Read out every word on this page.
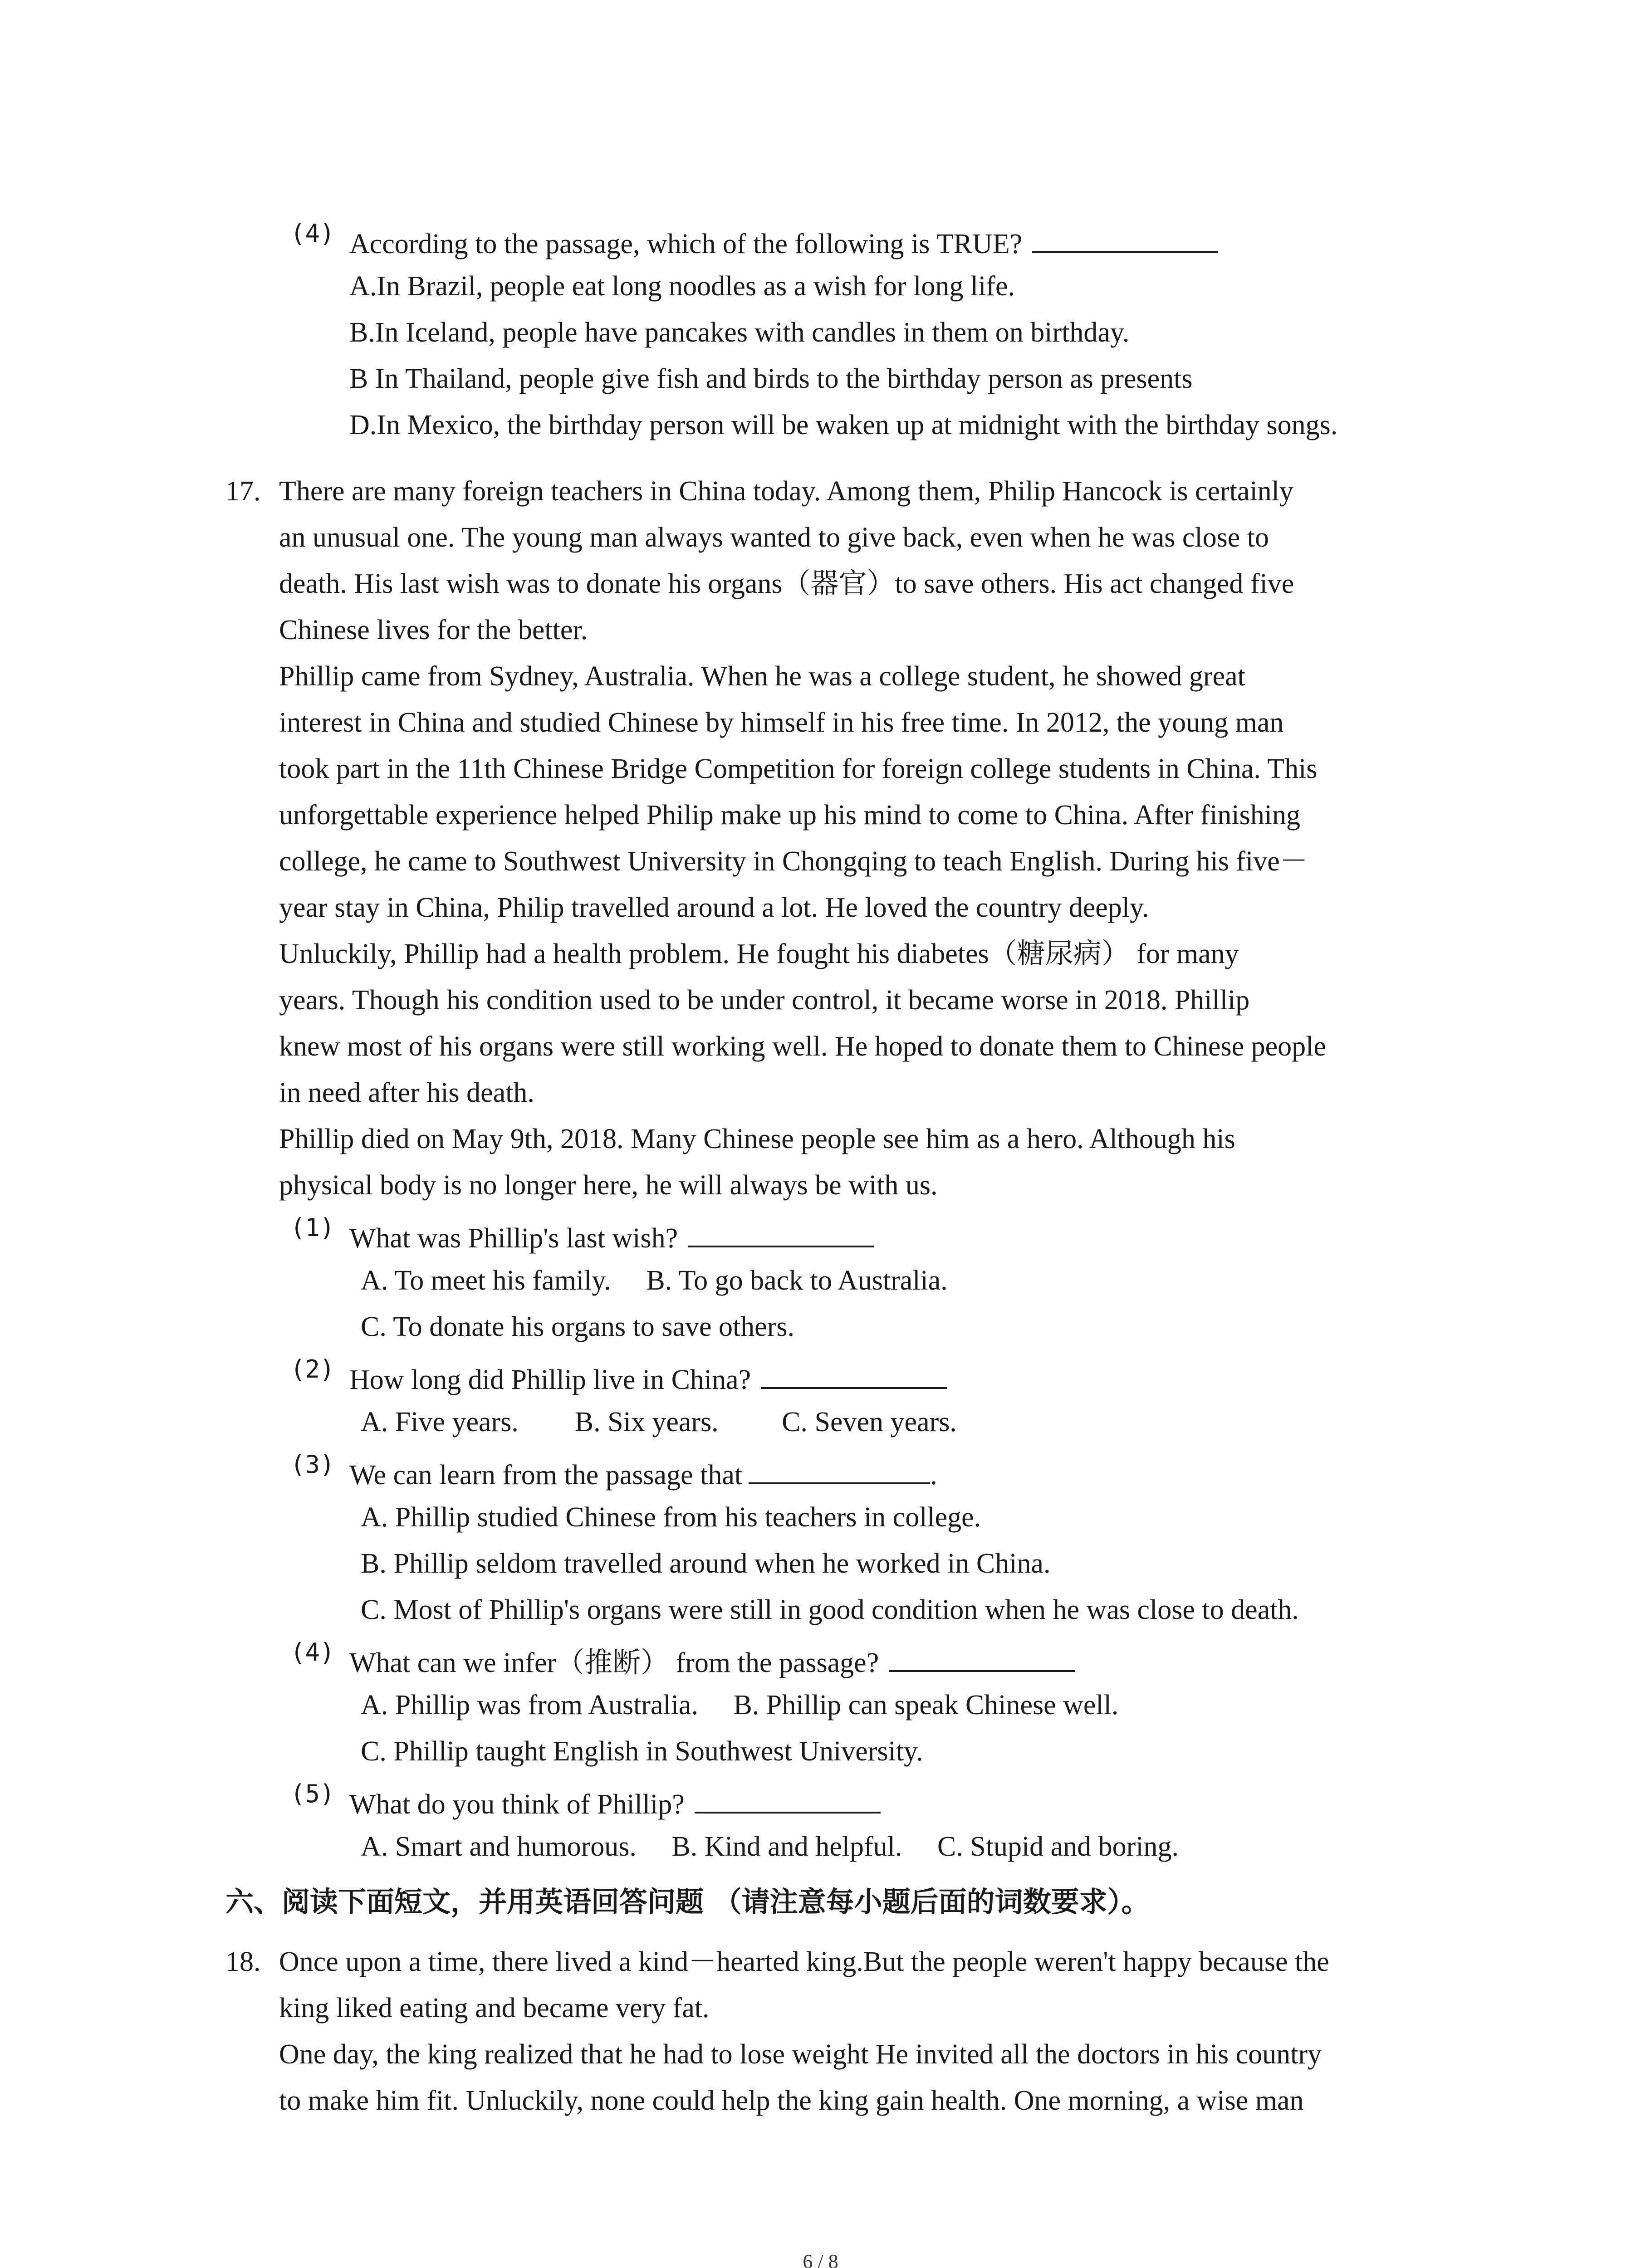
(4) According to the passage, which of the following is TRUE?
A.In Brazil, people eat long noodles as a wish for long life.
B.In Iceland, people have pancakes with candles in them on birthday.
B In Thailand, people give fish and birds to the birthday person as presents
D.In Mexico, the birthday person will be waken up at midnight with the birthday songs.
17. There are many foreign teachers in China today. Among them, Philip Hancock is certainly
an unusual one. The young man always wanted to give back, even when he was close to
death. His last wish was to donate his organs（器官）to save others. His act changed five
Chinese lives for the better.
Phillip came from Sydney, Australia. When he was a college student, he showed great
interest in China and studied Chinese by himself in his free time. In 2012, the young man
took part in the 11th Chinese Bridge Competition for foreign college students in China. This
unforgettable experience helped Philip make up his mind to come to China. After finishing
college, he came to Southwest University in Chongqing to teach English. During his five－
year stay in China, Philip travelled around a lot. He loved the country deeply.
Unluckily, Phillip had a health problem. He fought his diabetes（糖尿病） for many
years. Though his condition used to be under control, it became worse in 2018. Phillip
knew most of his organs were still working well. He hoped to donate them to Chinese people
in need after his death.
Phillip died on May 9th, 2018. Many Chinese people see him as a hero. Although his
physical body is no longer here, he will always be with us.
(1) What was Phillip's last wish?
A. To meet his family.　 B. To go back to Australia.
C. To donate his organs to save others.
(2) How long did Phillip live in China?
A. Five years.　　B. Six years.　　 C. Seven years.
(3) We can learn from the passage that	.
A. Phillip studied Chinese from his teachers in college.
B. Phillip seldom travelled around when he worked in China.
C. Most of Phillip's organs were still in good condition when he was close to death.
(4) What can we infer（推断） from the passage?
A. Phillip was from Australia.　 B. Phillip can speak Chinese well.
C. Phillip taught English in Southwest University.
(5) What do you think of Phillip?
A. Smart and humorous.　 B. Kind and helpful.　 C. Stupid and boring.
六、阅读下面短文，并用英语回答问题 （请注意每小题后面的词数要求）。
18. Once upon a time, there lived a kind－hearted king.But the people weren't happy because the
king liked eating and became very fat.
One day, the king realized that he had to lose weight He invited all the doctors in his country
to make him fit. Unluckily, none could help the king gain health. One morning, a wise man
6 / 8
